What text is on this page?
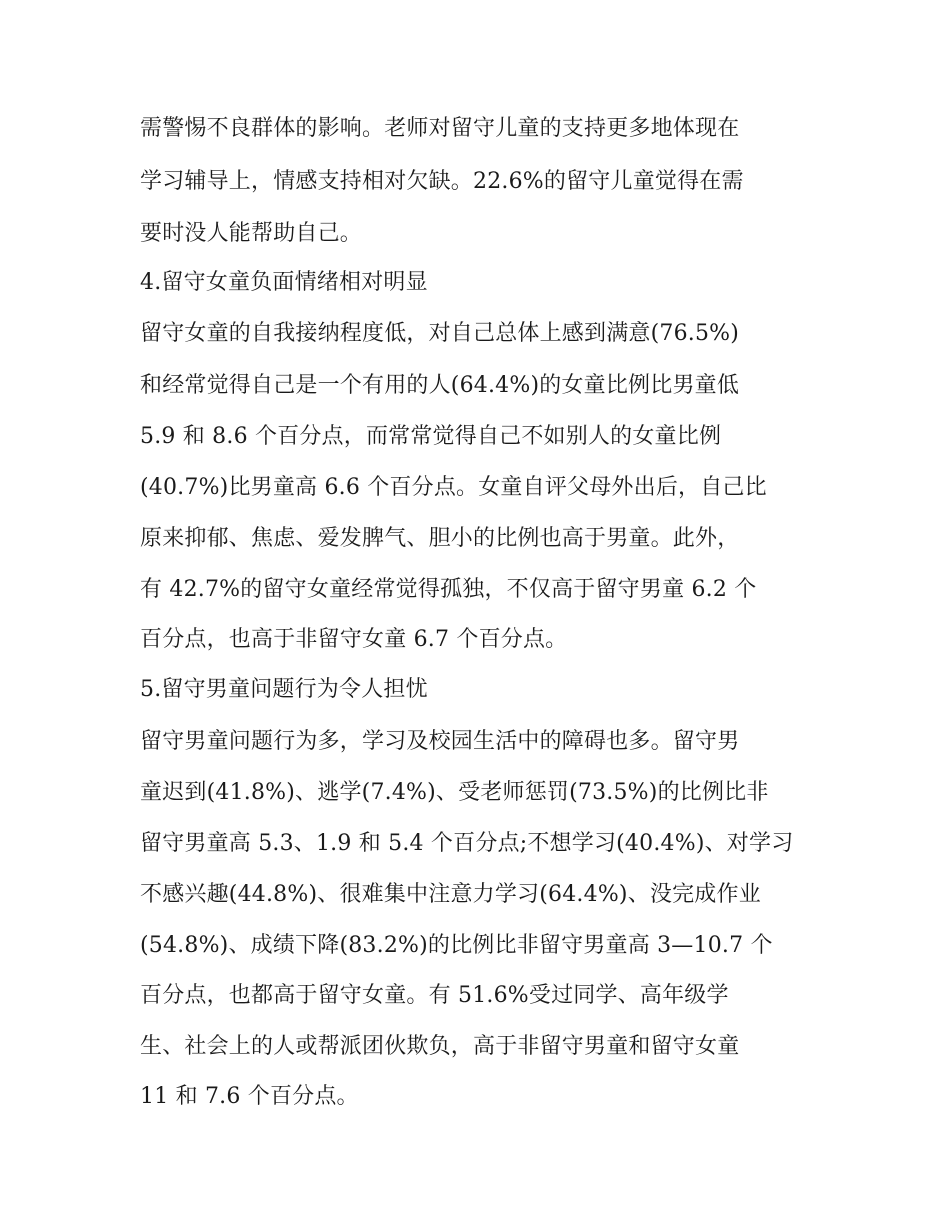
需警惕不良群体的影响。老师对留守儿童的支持更多地体现在
学习辅导上，情感支持相对欠缺。22.6%的留守儿童觉得在需
要时没人能帮助自己。
4.留守女童负面情绪相对明显
留守女童的自我接纳程度低，对自己总体上感到满意(76.5%)
和经常觉得自己是一个有用的人(64.4%)的女童比例比男童低
5.9 和 8.6 个百分点，而常常觉得自己不如别人的女童比例
(40.7%)比男童高 6.6 个百分点。女童自评父母外出后，自己比
原来抑郁、焦虑、爱发脾气、胆小的比例也高于男童。此外，
有 42.7%的留守女童经常觉得孤独，不仅高于留守男童 6.2 个
百分点，也高于非留守女童 6.7 个百分点。
5.留守男童问题行为令人担忧
留守男童问题行为多，学习及校园生活中的障碍也多。留守男
童迟到(41.8%)、逃学(7.4%)、受老师惩罚(73.5%)的比例比非
留守男童高 5.3、1.9 和 5.4 个百分点;不想学习(40.4%)、对学习
不感兴趣(44.8%)、很难集中注意力学习(64.4%)、没完成作业
(54.8%)、成绩下降(83.2%)的比例比非留守男童高 3—10.7 个
百分点，也都高于留守女童。有 51.6%受过同学、高年级学
生、社会上的人或帮派团伙欺负，高于非留守男童和留守女童
11 和 7.6 个百分点。
